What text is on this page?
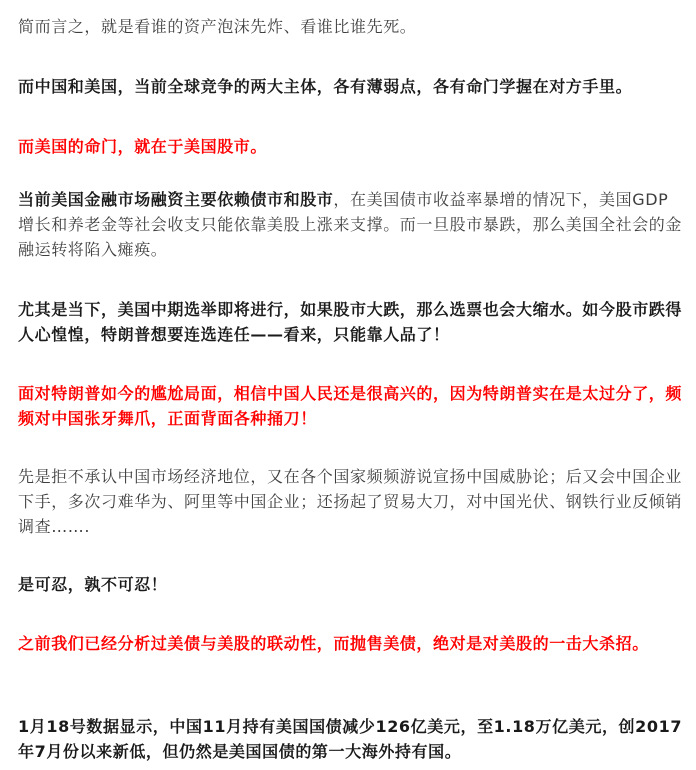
简而言之，就是看谁的资产泡沫先炸、看谁比谁先死。

而中国和美国，当前全球竞争的两大主体，各有薄弱点，各有命门学握在对方手里。

而美国的命门，就在于美国股市。

当前美国金融市场融资主要依赖债市和股市，在美国债市收益率暴增的情况下，美国GDP增长和养老金等社会收支只能依靠美股上涨来支撑。而一旦股市暴跌，那么美国全社会的金融运转将陷入瘫痪。

尤其是当下，美国中期选举即将进行，如果股市大跌，那么选票也会大缩水。如今股市跌得人心惶惶，特朗普想要连选连任——看来，只能靠人品了！

面对特朗普如今的尴尬局面，相信中国人民还是很高兴的，因为特朗普实在是太过分了，频频对中国张牙舞爪，正面背面各种捅刀！

先是拒不承认中国市场经济地位，又在各个国家频频游说宣扬中国威胁论；后又会中国企业下手，多次刁难华为、阿里等中国企业；还扬起了贸易大刀，对中国光伏、钢铁行业反倾销调查…….

是可忍，孰不可忍！

之前我们已经分析过美债与美股的联动性，而抛售美债，绝对是对美股的一击大杀招。

1月18号数据显示，中国11月持有美国国债减少126亿美元，至1.18万亿美元，创2017年7月份以来新低，但仍然是美国国债的第一大海外持有国。
